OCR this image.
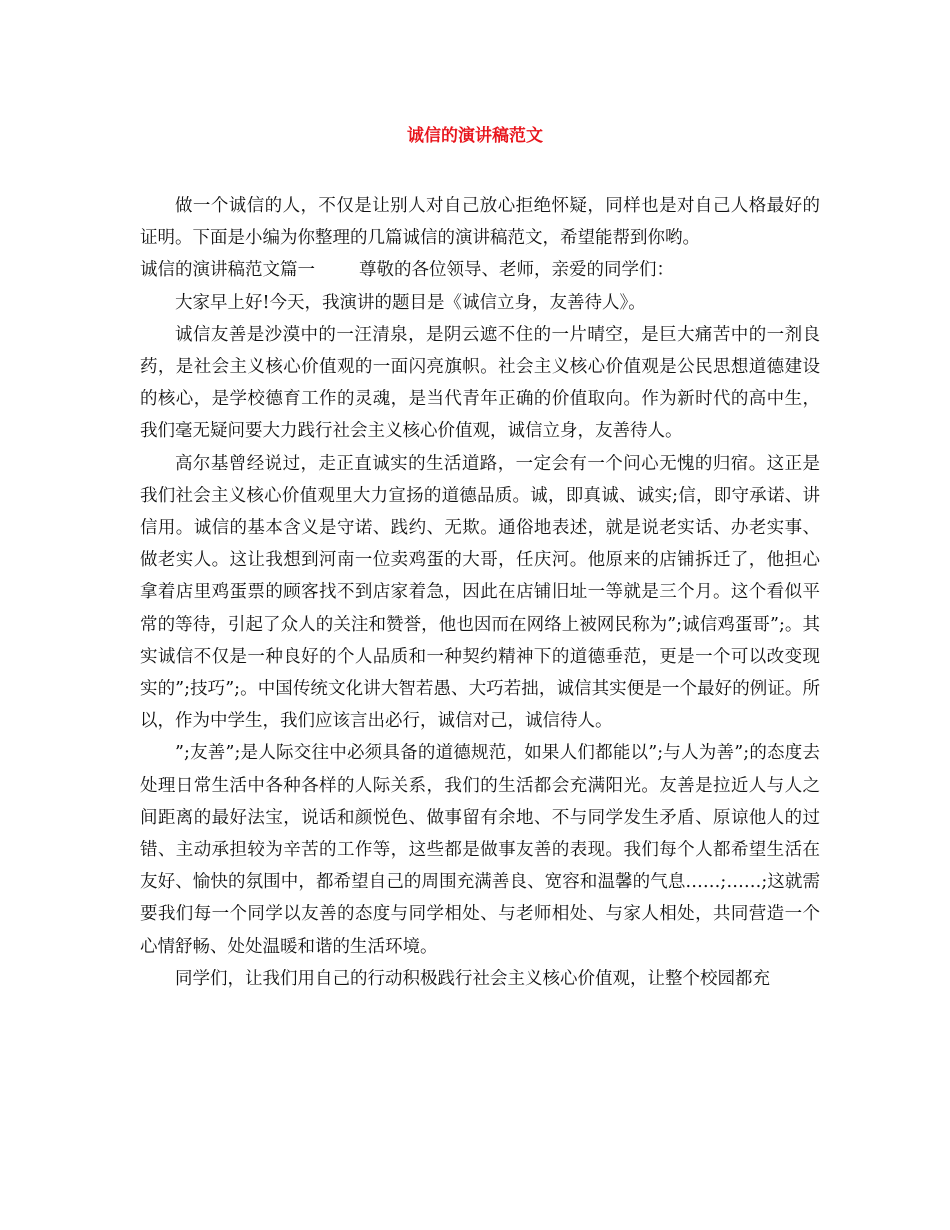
诚信的演讲稿范文

做一个诚信的人，不仅是让别人对自己放心拒绝怀疑，同样也是对自己人格最好的证明。下面是小编为你整理的几篇诚信的演讲稿范文，希望能帮到你哟。

诚信的演讲稿范文篇一	尊敬的各位领导、老师，亲爱的同学们：

大家早上好!今天，我演讲的题目是《诚信立身，友善待人》。

诚信友善是沙漠中的一汪清泉，是阴云遮不住的一片晴空，是巨大痛苦中的一剂良药，是社会主义核心价值观的一面闪亮旗帜。社会主义核心价值观是公民思想道德建设的核心，是学校德育工作的灵魂，是当代青年正确的价值取向。作为新时代的高中生，我们毫无疑问要大力践行社会主义核心价值观，诚信立身，友善待人。

高尔基曾经说过，走正直诚实的生活道路，一定会有一个问心无愧的归宿。这正是我们社会主义核心价值观里大力宣扬的道德品质。诚，即真诚、诚实;信，即守承诺、讲信用。诚信的基本含义是守诺、践约、无欺。通俗地表述，就是说老实话、办老实事、做老实人。这让我想到河南一位卖鸡蛋的大哥，任庆河。他原来的店铺拆迁了，他担心拿着店里鸡蛋票的顾客找不到店家着急，因此在店铺旧址一等就是三个月。这个看似平常的等待，引起了众人的关注和赞誉，他也因而在网络上被网民称为”;诚信鸡蛋哥”;。其实诚信不仅是一种良好的个人品质和一种契约精神下的道德垂范，更是一个可以改变现实的”;技巧”;。中国传统文化讲大智若愚、大巧若拙，诚信其实便是一个最好的例证。所以，作为中学生，我们应该言出必行，诚信对己，诚信待人。

”;友善”;是人际交往中必须具备的道德规范，如果人们都能以”;与人为善”;的态度去处理日常生活中各种各样的人际关系，我们的生活都会充满阳光。友善是拉近人与人之间距离的最好法宝，说话和颜悦色、做事留有余地、不与同学发生矛盾、原谅他人的过错、主动承担较为辛苦的工作等，这些都是做事友善的表现。我们每个人都希望生活在友好、愉快的氛围中，都希望自己的周围充满善良、宽容和温馨的气息……;……;这就需要我们每一个同学以友善的态度与同学相处、与老师相处、与家人相处，共同营造一个心情舒畅、处处温暖和谐的生活环境。

同学们，让我们用自己的行动积极践行社会主义核心价值观，让整个校园都充
